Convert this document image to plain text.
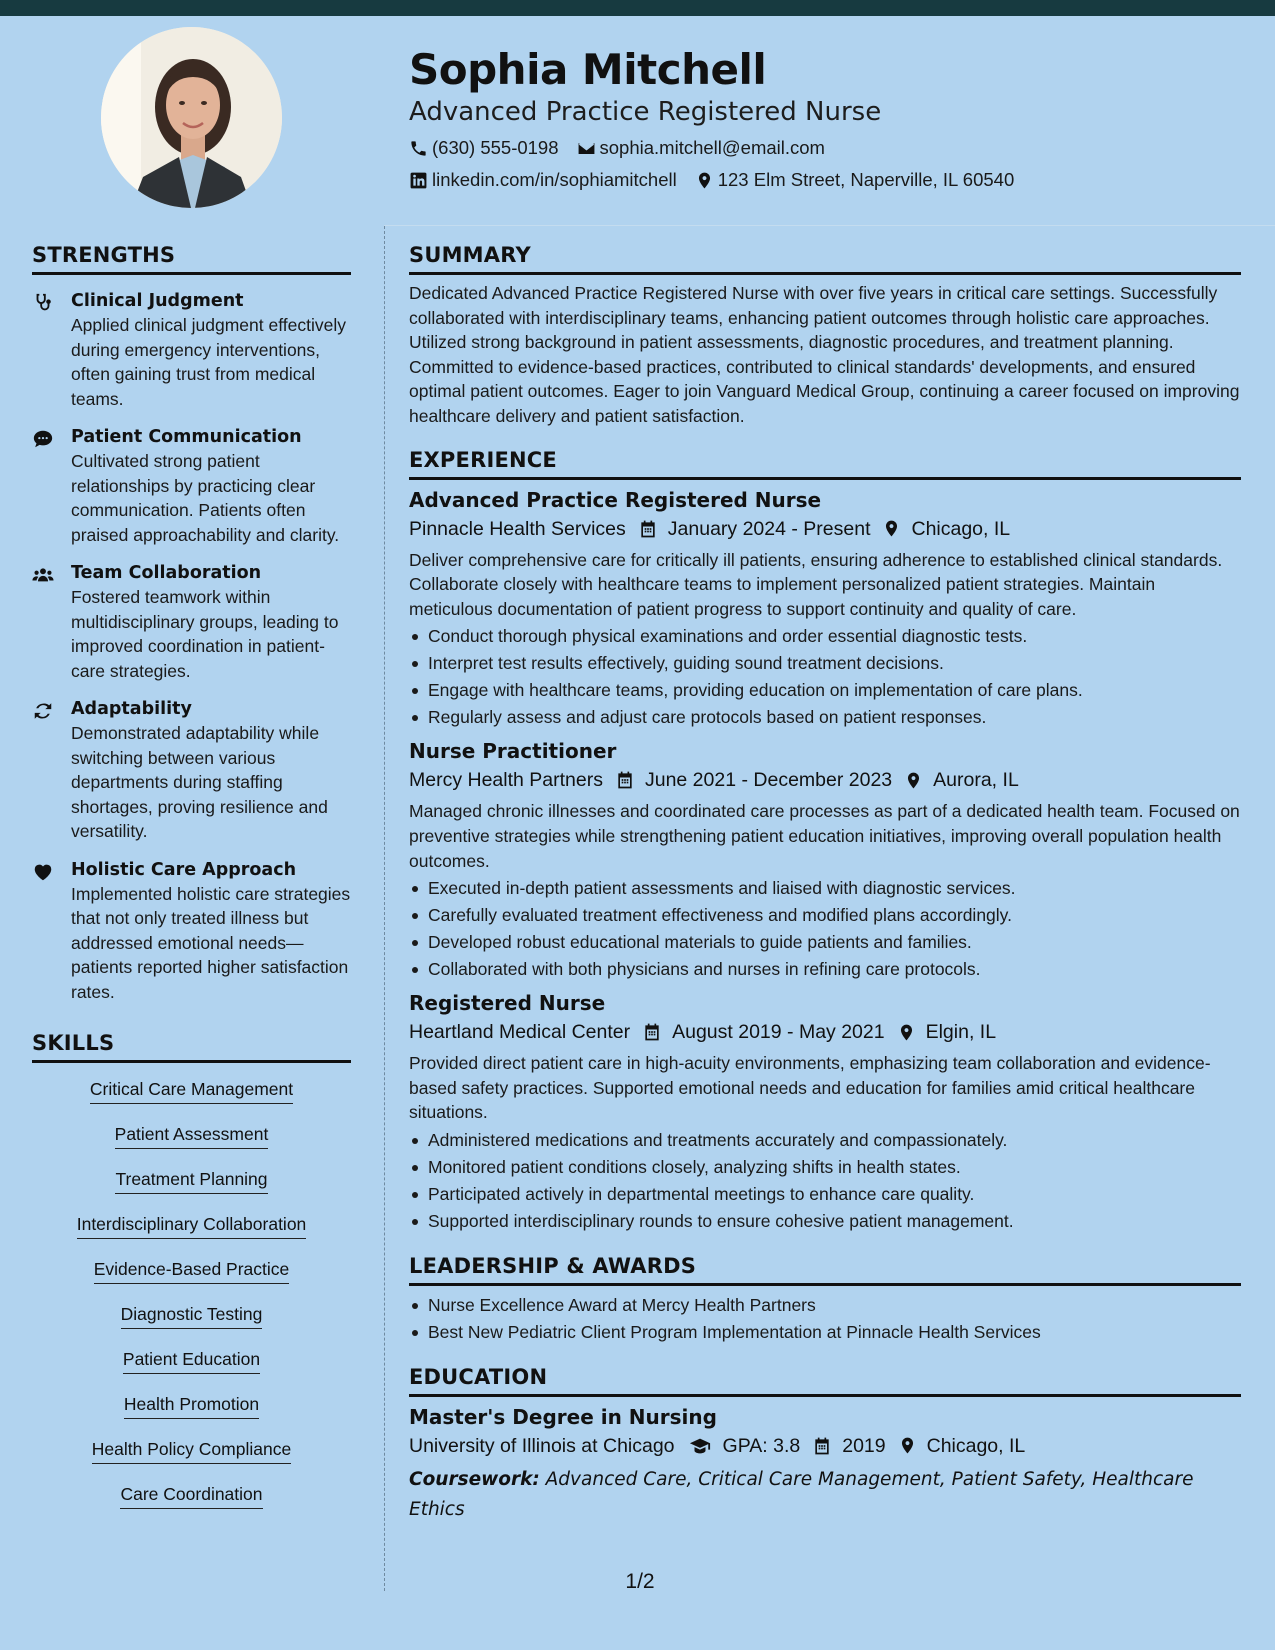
Sophia Mitchell
Advanced Practice Registered Nurse
(630) 555-0198 sophia.mitchell@email.com
linkedin.com/in/sophiamitchell 123 Elm Street, Naperville, IL 60540
STRENGTHS
Clinical Judgment
Applied clinical judgment effectively during emergency interventions, often gaining trust from medical teams.
Patient Communication
Cultivated strong patient relationships by practicing clear communication. Patients often praised approachability and clarity.
Team Collaboration
Fostered teamwork within multidisciplinary groups, leading to improved coordination in patient-care strategies.
Adaptability
Demonstrated adaptability while switching between various departments during staffing shortages, proving resilience and versatility.
Holistic Care Approach
Implemented holistic care strategies that not only treated illness but addressed emotional needs—patients reported higher satisfaction rates.
SKILLS
Critical Care Management
Patient Assessment
Treatment Planning
Interdisciplinary Collaboration
Evidence-Based Practice
Diagnostic Testing
Patient Education
Health Promotion
Health Policy Compliance
Care Coordination
SUMMARY
Dedicated Advanced Practice Registered Nurse with over five years in critical care settings. Successfully collaborated with interdisciplinary teams, enhancing patient outcomes through holistic care approaches. Utilized strong background in patient assessments, diagnostic procedures, and treatment planning. Committed to evidence-based practices, contributed to clinical standards' developments, and ensured optimal patient outcomes. Eager to join Vanguard Medical Group, continuing a career focused on improving healthcare delivery and patient satisfaction.
EXPERIENCE
Advanced Practice Registered Nurse
Pinnacle Health Services January 2024 - Present Chicago, IL
Deliver comprehensive care for critically ill patients, ensuring adherence to established clinical standards. Collaborate closely with healthcare teams to implement personalized patient strategies. Maintain meticulous documentation of patient progress to support continuity and quality of care.
Conduct thorough physical examinations and order essential diagnostic tests.
Interpret test results effectively, guiding sound treatment decisions.
Engage with healthcare teams, providing education on implementation of care plans.
Regularly assess and adjust care protocols based on patient responses.
Nurse Practitioner
Mercy Health Partners June 2021 - December 2023 Aurora, IL
Managed chronic illnesses and coordinated care processes as part of a dedicated health team. Focused on preventive strategies while strengthening patient education initiatives, improving overall population health outcomes.
Executed in-depth patient assessments and liaised with diagnostic services.
Carefully evaluated treatment effectiveness and modified plans accordingly.
Developed robust educational materials to guide patients and families.
Collaborated with both physicians and nurses in refining care protocols.
Registered Nurse
Heartland Medical Center August 2019 - May 2021 Elgin, IL
Provided direct patient care in high-acuity environments, emphasizing team collaboration and evidence-based safety practices. Supported emotional needs and education for families amid critical healthcare situations.
Administered medications and treatments accurately and compassionately.
Monitored patient conditions closely, analyzing shifts in health states.
Participated actively in departmental meetings to enhance care quality.
Supported interdisciplinary rounds to ensure cohesive patient management.
LEADERSHIP & AWARDS
Nurse Excellence Award at Mercy Health Partners
Best New Pediatric Client Program Implementation at Pinnacle Health Services
EDUCATION
Master's Degree in Nursing
University of Illinois at Chicago GPA: 3.8 2019 Chicago, IL
Coursework: Advanced Care, Critical Care Management, Patient Safety, Healthcare Ethics
1/2
